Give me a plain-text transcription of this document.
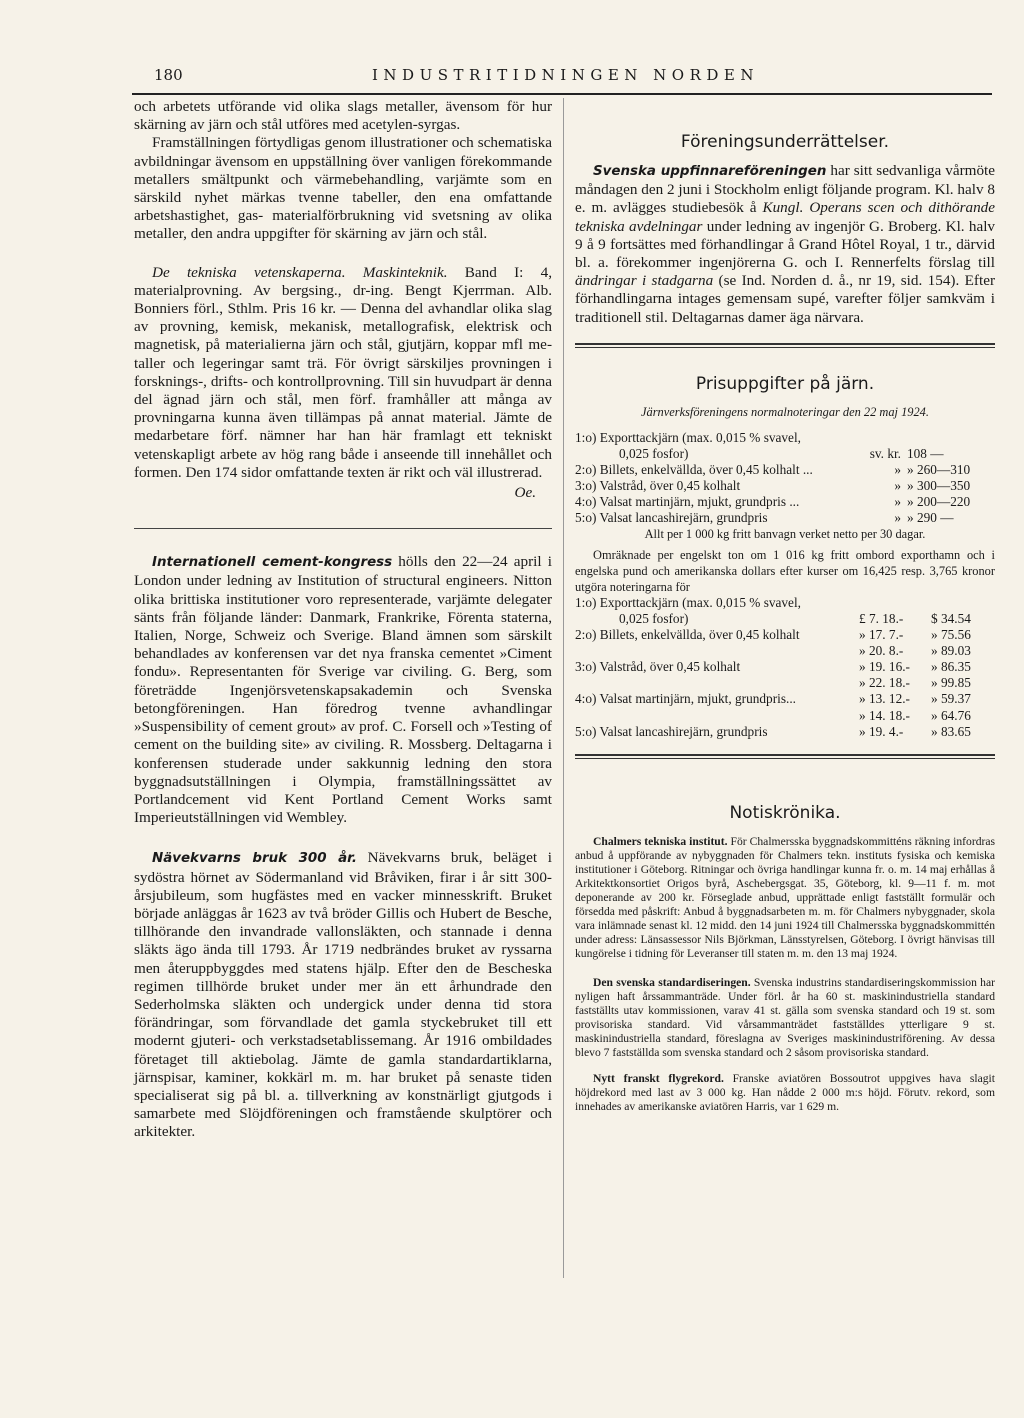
180	INDUSTRITIDNINGEN NORDEN

och arbetets utförande vid olika slags metaller, ävensom för hur skärning av järn och stål utföres med acetylen-syrgas.

Framställningen förtydligas genom illustrationer och schematiska avbildningar ävensom en uppställning över vanligen förekommande metallers smältpunkt och värmebehandling, varjämte som en särskild nyhet märkas tvenne tabeller, den ena omfattande arbetshastighet, gas- materialförbrukning vid svetsning av olika metaller, den andra uppgifter för skärning av järn och stål.

De tekniska vetenskaperna. Maskinteknik. Band I: 4, materialprovning. Av bergsing., dr-ing. Bengt Kjerrman. Alb. Bonniers förl., Sthlm. Pris 16 kr. — Denna del avhandlar olika slag av provning, kemisk, mekanisk, metallografisk, elektrisk och magnetisk, på materialierna järn och stål, gjutjärn, koppar mfl metaller och legeringar samt trä. För övrigt särskiljes provningen i forsknings-, drifts- och kontrollprovning. Till sin huvudpart är denna del ägnad järn och stål, men förf. framhåller att många av provningarna kunna även tillämpas på annat material. Jämte de medarbetare förf. nämner har han här framlagt ett tekniskt vetenskapligt arbete av hög rang både i anseende till innehållet och formen. Den 174 sidor omfattande texten är rikt och väl illustrerad.

Oe.

Internationell cement-kongress hölls den 22—24 april i London under ledning av Institution of structural engineers. Nitton olika brittiska institutioner voro representerade, varjämte delegater sänts från följande länder: Danmark, Frankrike, Förenta staterna, Italien, Norge, Schweiz och Sverige. Bland ämnen som särskilt behandlades av konferensen var det nya franska cementet »Ciment fondu». Representanten för Sverige var civiling. G. Berg, som företrädde Ingenjörsvetenskapsakademin och Svenska betongföreningen. Han föredrog tvenne avhandlingar »Suspensibility of cement grout» av prof. C. Forsell och »Testing of cement on the building site» av civiling. R. Mossberg. Deltagarna i konferensen studerade under sakkunnig ledning den stora byggnadsutställningen i Olympia, framställningssättet av Portlandcement vid Kent Portland Cement Works samt Imperieutställningen vid Wembley.

Nävekvarns bruk 300 år. Nävekvarns bruk, beläget i sydöstra hörnet av Södermanland vid Bråviken, firar i år sitt 300-årsjubileum, som hugfästes med en vacker minnesskrift. Bruket började anläggas år 1623 av två bröder Gillis och Hubert de Besche, tillhörande den invandrade vallonsläkten, och stannade i denna släkts ägo ända till 1793. År 1719 nedbrändes bruket av ryssarna men återuppbyggdes med statens hjälp. Efter den de Bescheska regimen tillhörde bruket under mer än ett århundrade den Sederholmska släkten och undergick under denna tid stora förändringar, som förvandlade det gamla styckebruket till ett modernt gjuteri- och verkstadsetablissemang. År 1916 ombildades företaget till aktiebolag. Jämte de gamla standardartiklarna, järnspisar, kaminer, kokkärl m. m. har bruket på senaste tiden specialiserat sig på bl. a. tillverkning av konstnärligt gjutgods i samarbete med Slöjdföreningen och framstående skulptörer och arkitekter.

Föreningsunderrättelser.

Svenska uppfinnareföreningen har sitt sedvanliga vårmöte måndagen den 2 juni i Stockholm enligt följande program. Kl. halv 8 e. m. avlägges studiebesök å Kungl. Operans scen och dithörande tekniska avdelningar under ledning av ingenjör G. Broberg. Kl. halv 9 å 9 fortsättes med förhandlingar å Grand Hôtel Royal, 1 tr., därvid bl. a. förekommer ingenjörerna G. och I. Rennerfelts förslag till ändringar i stadgarna (se Ind. Norden d. å., nr 19, sid. 154). Efter förhandlingarna intages gemensam supé, varefter följer samkväm i traditionell stil. Deltagarnas damer äga närvara.

Prisuppgifter på järn.

Järnverksföreningens normalnoteringar den 22 maj 1924.

1:o) Exporttackjärn (max. 0,015 % svavel,		
0,025 fosfor)	sv. kr.	108 —
2:o) Billets, enkelvällda, över 0,45 kolhalt ...	»	» 260—310
3:o) Valstråd, över 0,45 kolhalt	»	» 300—350
4:o) Valsat martinjärn, mjukt, grundpris ...	»	» 200—220
5:o) Valsat lancashirejärn, grundpris	»	» 290 —

Allt per 1 000 kg fritt banvagn verket netto per 30 dagar.

Omräknade per engelskt ton om 1 016 kg fritt ombord exporthamn och i engelska pund och amerikanska dollars efter kurser om 16,425 resp. 3,765 kronor utgöra noteringarna för

1:o) Exporttackjärn (max. 0,015 % svavel,		
0,025 fosfor)	£ 7. 18.-	$ 34.54
2:o) Billets, enkelvällda, över 0,45 kolhalt	» 17. 7.-	» 75.56
	» 20. 8.-	» 89.03
3:o) Valstråd, över 0,45 kolhalt	» 19. 16.-	» 86.35
	» 22. 18.-	» 99.85
4:o) Valsat martinjärn, mjukt, grundpris...	» 13. 12.-	» 59.37
	» 14. 18.-	» 64.76
5:o) Valsat lancashirejärn, grundpris	» 19. 4.-	» 83.65
Notiskrönika.

Chalmers tekniska institut. För Chalmersska byggnadskommitténs räkning infordras anbud å uppförande av nybyggnaden för Chalmers tekn. instituts fysiska och kemiska institutioner i Göteborg. Ritningar och övriga handlingar kunna fr. o. m. 14 maj erhållas å Arkitektkonsortiet Origos byrå, Aschebergsgat. 35, Göteborg, kl. 9—11 f. m. mot deponerande av 200 kr. Förseglade anbud, upprättade enligt fastställt formulär och försedda med påskrift: Anbud å byggnadsarbeten m. m. för Chalmers nybyggnader, skola vara inlämnade senast kl. 12 midd. den 14 juni 1924 till Chalmersska byggnadskommittén under adress: Länsassessor Nils Björkman, Länsstyrelsen, Göteborg. I övrigt hänvisas till kungörelse i tidning för Leveranser till staten m. m. den 13 maj 1924.

Den svenska standardiseringen. Svenska industrins standardiseringskommission har nyligen haft årssammanträde. Under förl. år ha 60 st. maskinindustriella standard fastställts utav kommissionen, varav 41 st. gälla som svenska standard och 19 st. som provisoriska standard. Vid vårsammanträdet fastställdes ytterligare 9 st. maskinindustriella standard, föreslagna av Sveriges maskinindustriförening. Av dessa blevo 7 fastställda som svenska standard och 2 såsom provisoriska standard.

Nytt franskt flygrekord. Franske aviatören Bossoutrot uppgives hava slagit höjdrekord med last av 3 000 kg. Han nådde 2 000 m:s höjd. Förutv. rekord, som innehades av amerikanske aviatören Harris, var 1 629 m.
